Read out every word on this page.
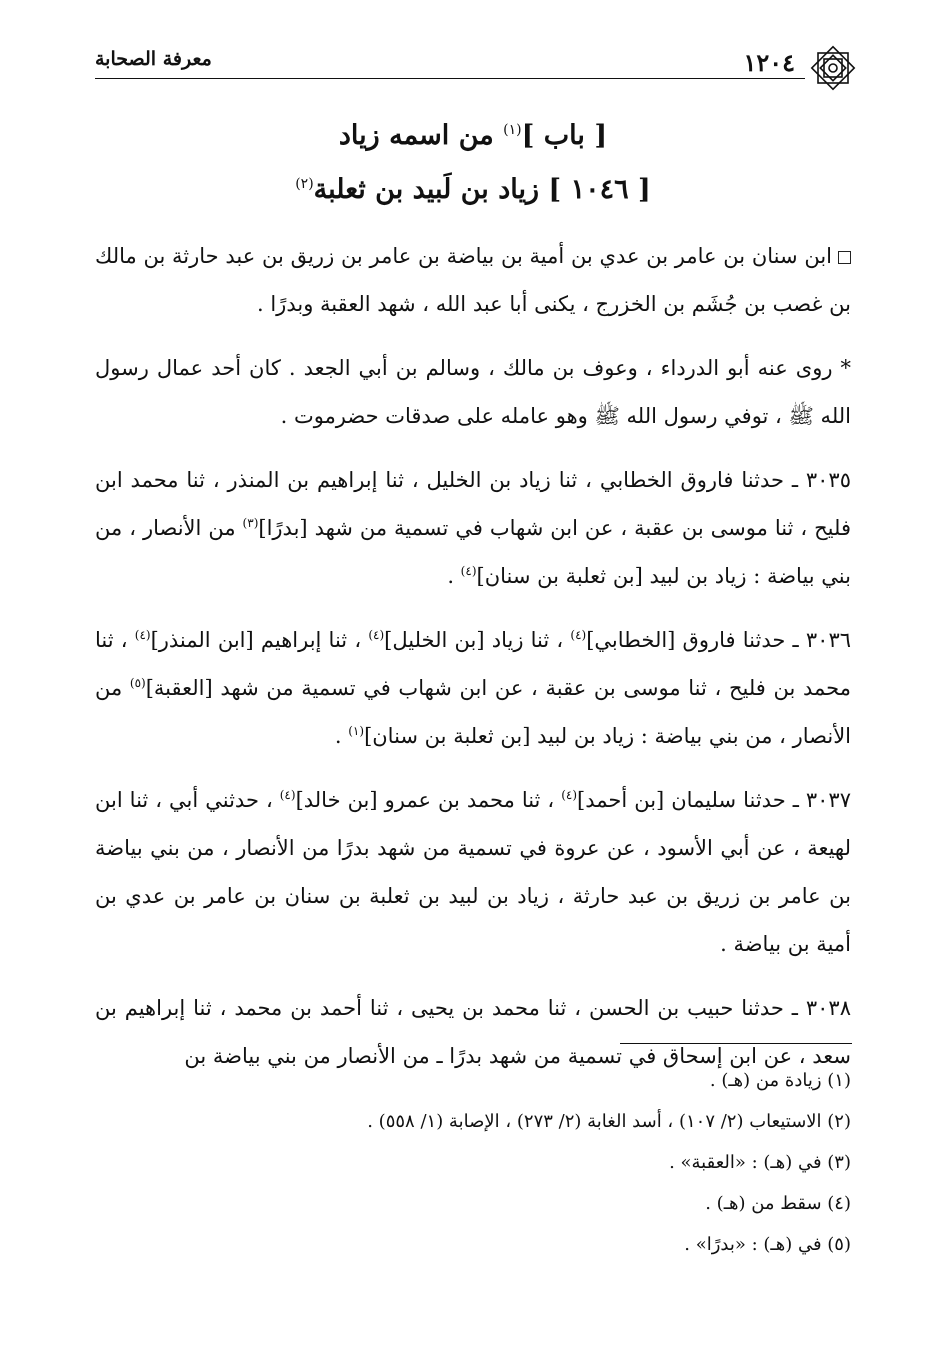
١٢٠٤
معرفة الصحابة
[ باب ]$^{(١)}$ من اسمه زياد
[ ١٠٤٦ ] زياد بن لَبيد بن ثعلبة$^{(٢)}$

ابن سنان بن عامر بن عدي بن أمية بن بياضة بن عامر بن زريق بن عبد حارثة بن مالك بن غصب بن جُشَم بن الخزرج ، يكنى أبا عبد الله ، شهد العقبة وبدرًا .

* روى عنه أبو الدرداء ، وعوف بن مالك ، وسالم بن أبي الجعد . كان أحد عمال رسول الله ﷺ ، توفي رسول الله ﷺ وهو عامله على صدقات حضرموت .

٣٠٣٥ ـ حدثنا فاروق الخطابي ، ثنا زياد بن الخليل ، ثنا إبراهيم بن المنذر ، ثنا محمد ابن فليح ، ثنا موسى بن عقبة ، عن ابن شهاب في تسمية من شهد [بدرًا]$^{(٣)}$ من الأنصار ، من بني بياضة : زياد بن لبيد [بن ثعلبة بن سنان]$^{(٤)}$ .

٣٠٣٦ ـ حدثنا فاروق [الخطابي]$^{(٤)}$ ، ثنا زياد [بن الخليل]$^{(٤)}$ ، ثنا إبراهيم [ابن المنذر]$^{(٤)}$ ، ثنا محمد بن فليح ، ثنا موسى بن عقبة ، عن ابن شهاب في تسمية من شهد [العقبة]$^{(٥)}$ من الأنصار ، من بني بياضة : زياد بن لبيد [بن ثعلبة بن سنان]$^{(١)}$ .

٣٠٣٧ ـ حدثنا سليمان [بن أحمد]$^{(٤)}$ ، ثنا محمد بن عمرو [بن خالد]$^{(٤)}$ ، حدثني أبي ، ثنا ابن لهيعة ، عن أبي الأسود ، عن عروة في تسمية من شهد بدرًا من الأنصار ، من بني بياضة بن عامر بن زريق بن عبد حارثة ، زياد بن لبيد بن ثعلبة بن سنان بن عامر بن عدي بن أمية بن بياضة .

٣٠٣٨ ـ حدثنا حبيب بن الحسن ، ثنا محمد بن يحيى ، ثنا أحمد بن محمد ، ثنا إبراهيم بن سعد ، عن ابن إسحاق في تسمية من شهد بدرًا ـ من الأنصار من بني بياضة بن

(١) زيادة من (هـ) .
(٢) الاستيعاب (٢/ ١٠٧) ، أسد الغابة (٢/ ٢٧٣) ، الإصابة (١/ ٥٥٨) .
(٣) في (هـ) : «العقبة» .
(٤) سقط من (هـ) .
(٥) في (هـ) : «بدرًا» .
